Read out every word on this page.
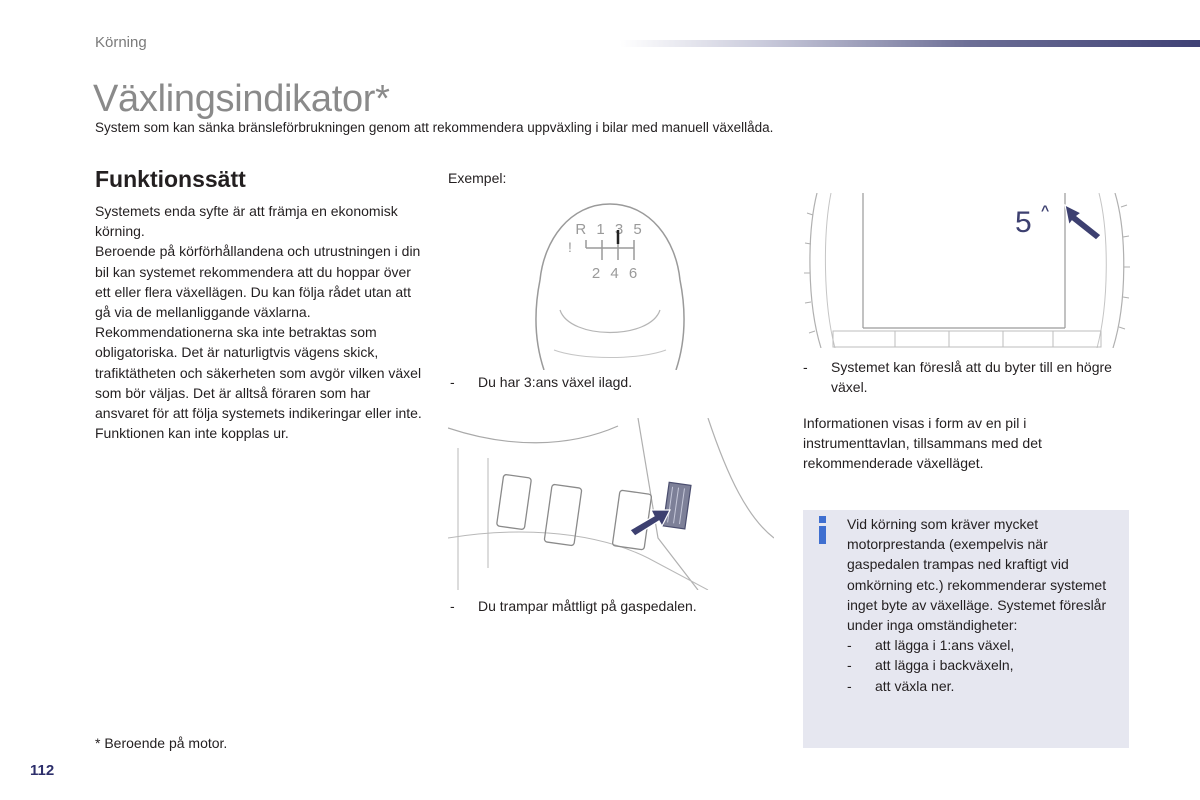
Körning
Växlingsindikator*
System som kan sänka bränsleförbrukningen genom att rekommendera uppväxling i bilar med manuell växellåda.
Funktionssätt

Systemets enda syfte är att främja en ekonomisk körning.

Beroende på körförhållandena och utrustningen i din bil kan systemet rekommendera att du hoppar över ett eller flera växellägen. Du kan följa rådet utan att gå via de mellanliggande växlarna.

Rekommendationerna ska inte betraktas som obligatoriska. Det är naturligtvis vägens skick, trafiktätheten och säkerheten som avgör vilken växel som bör väljas. Det är alltså föraren som har ansvaret för att följa systemets indikeringar eller inte.

Funktionen kan inte kopplas ur.

* Beroende på motor.
Exempel:
R 1 3 5
2 4 6
!
- Du har 3:ans växel ilagd.
- Du trampar måttligt på gaspedalen.
5 ^
-	Systemet kan föreslå att du byter till en högre växel.
Informationen visas i form av en pil i instrumenttavlan, tillsammans med det rekommenderade växelläget.
Vid körning som kräver mycket motorprestanda (exempelvis när gaspedalen trampas ned kraftigt vid omkörning etc.) rekommenderar systemet inget byte av växelläge. Systemet föreslår under inga omständigheter:
- att lägga i 1:ans växel,
- att lägga i backväxeln,
- att växla ner.
112
